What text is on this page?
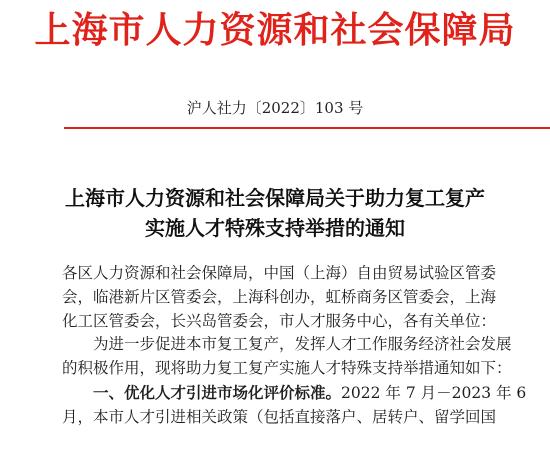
上海市人力资源和社会保障局
沪人社力〔2022〕103 号
上海市人力资源和社会保障局关于助力复工复产
实施人才特殊支持举措的通知
各区人力资源和社会保障局，中国（上海）自由贸易试验区管委
会，临港新片区管委会，上海科创办，虹桥商务区管委会，上海
化工区管委会，长兴岛管委会，市人才服务中心，各有关单位：
为进一步促进本市复工复产，发挥人才工作服务经济社会发展
的积极作用，现将助力复工复产实施人才特殊支持举措通知如下：
一、优化人才引进市场化评价标准。2022 年 7 月－2023 年 6
月，本市人才引进相关政策（包括直接落户、居转户、留学回国
